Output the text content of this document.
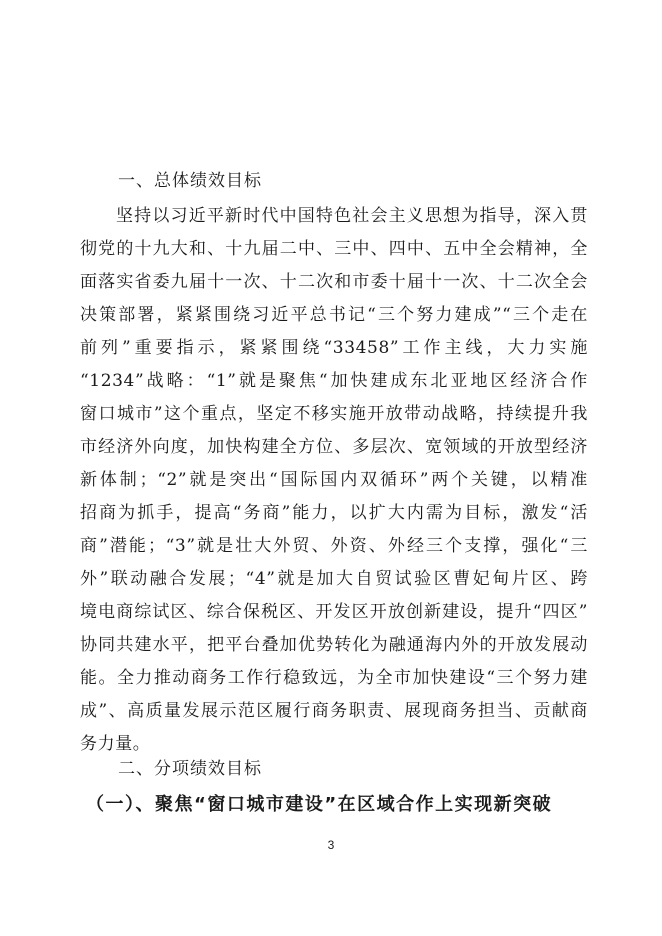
一、总体绩效目标
坚持以习近平新时代中国特色社会主义思想为指导，深入贯
彻党的十九大和、十九届二中、三中、四中、五中全会精神，全
面落实省委九届十一次、十二次和市委十届十一次、十二次全会
决策部署，紧紧围绕习近平总书记“三个努力建成”“三个走在
前列”重要指示，紧紧围绕“33458”工作主线，大力实施
“1234”战略：“1”就是聚焦“加快建成东北亚地区经济合作
窗口城市”这个重点，坚定不移实施开放带动战略，持续提升我
市经济外向度，加快构建全方位、多层次、宽领域的开放型经济
新体制；“2”就是突出“国际国内双循环”两个关键，以精准
招商为抓手，提高“务商”能力，以扩大内需为目标，激发“活
商”潜能；“3”就是壮大外贸、外资、外经三个支撑，强化“三
外”联动融合发展；“4”就是加大自贸试验区曹妃甸片区、跨
境电商综试区、综合保税区、开发区开放创新建设，提升“四区”
协同共建水平，把平台叠加优势转化为融通海内外的开放发展动
能。全力推动商务工作行稳致远，为全市加快建设“三个努力建
成”、高质量发展示范区履行商务职责、展现商务担当、贡献商
务力量。
二、分项绩效目标
（一）、聚焦“窗口城市建设”在区域合作上实现新突破
3
